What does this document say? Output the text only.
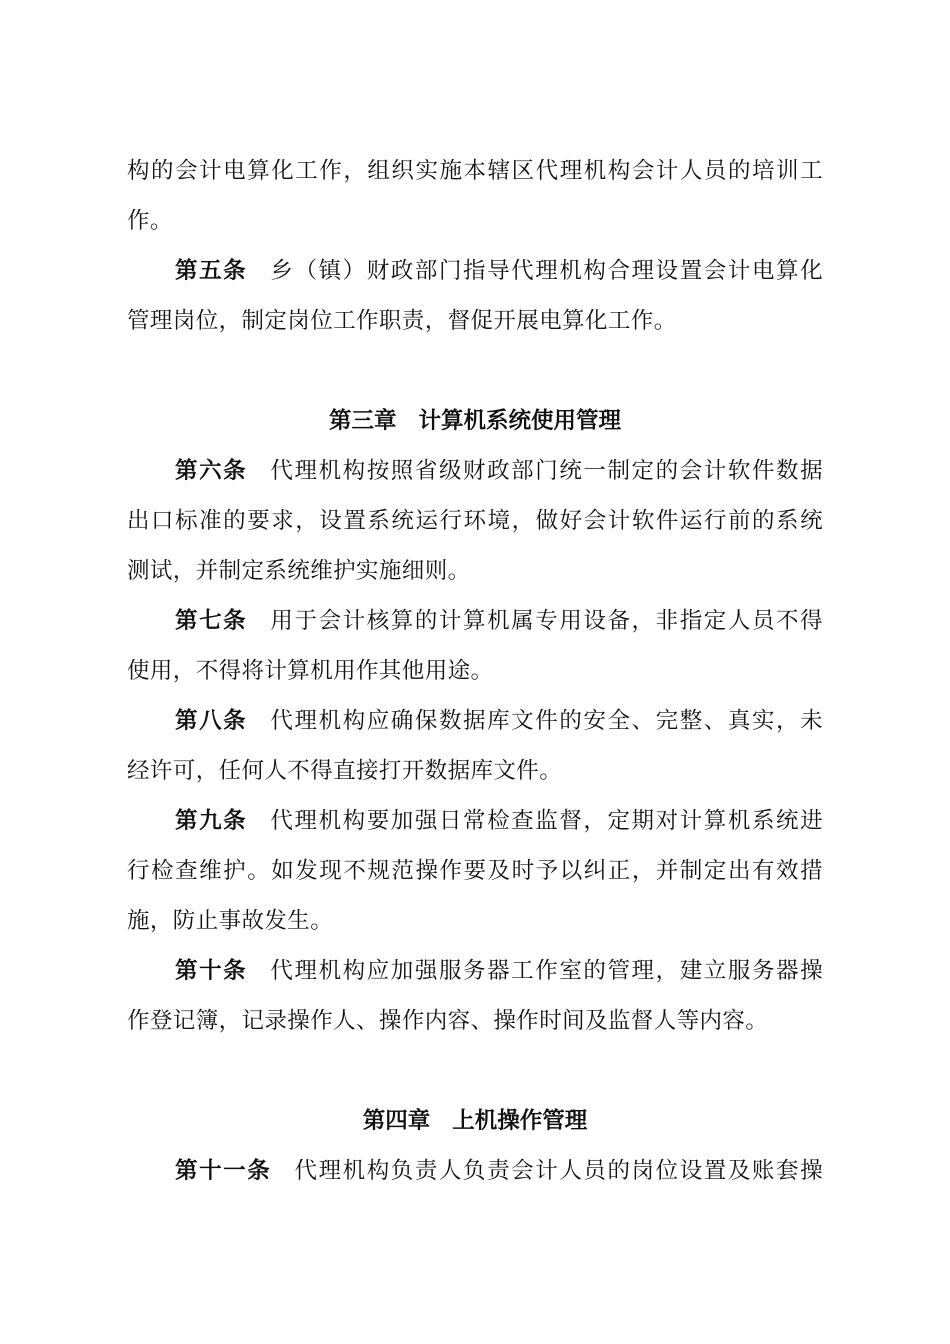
构的会计电算化工作，组织实施本辖区代理机构会计人员的培训工
作。
第五条 乡（镇）财政部门指导代理机构合理设置会计电算化
管理岗位，制定岗位工作职责，督促开展电算化工作。
第三章 计算机系统使用管理
第六条 代理机构按照省级财政部门统一制定的会计软件数据
出口标准的要求，设置系统运行环境，做好会计软件运行前的系统
测试，并制定系统维护实施细则。
第七条 用于会计核算的计算机属专用设备，非指定人员不得
使用，不得将计算机用作其他用途。
第八条 代理机构应确保数据库文件的安全、完整、真实，未
经许可，任何人不得直接打开数据库文件。
第九条 代理机构要加强日常检查监督，定期对计算机系统进
行检查维护。如发现不规范操作要及时予以纠正，并制定出有效措
施，防止事故发生。
第十条 代理机构应加强服务器工作室的管理，建立服务器操
作登记簿，记录操作人、操作内容、操作时间及监督人等内容。
第四章 上机操作管理
第十一条 代理机构负责人负责会计人员的岗位设置及账套操
